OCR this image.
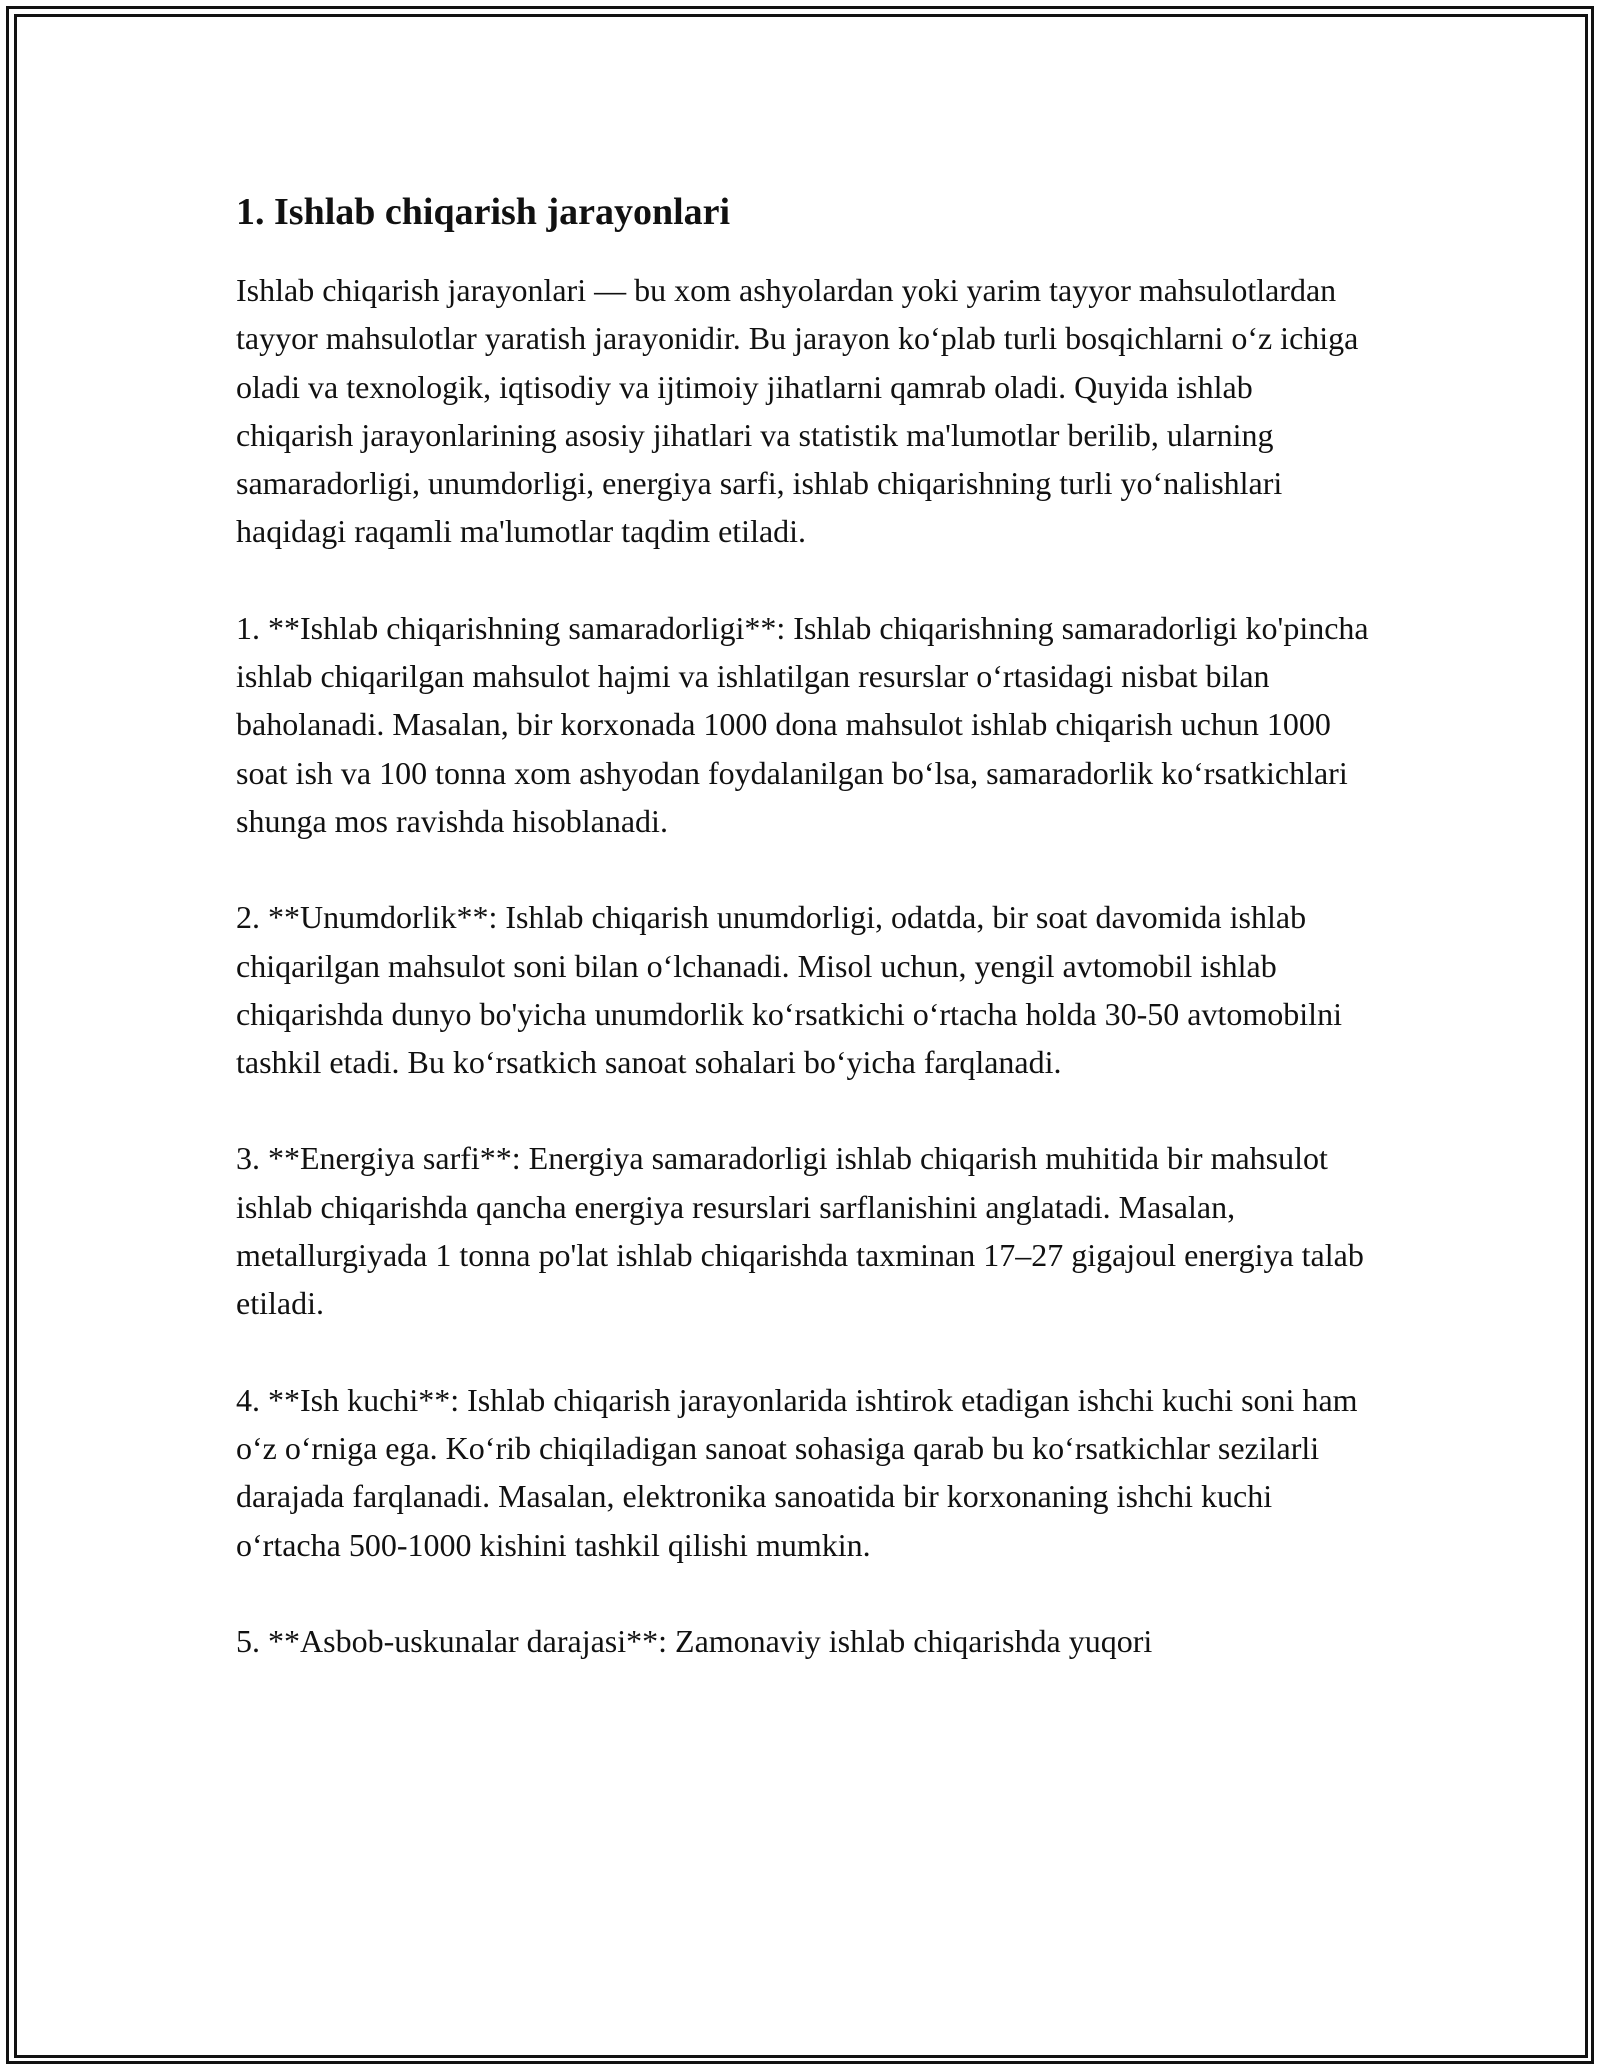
1. Ishlab chiqarish jarayonlari

Ishlab chiqarish jarayonlari — bu xom ashyolardan yoki yarim tayyor mahsulotlardan tayyor mahsulotlar yaratish jarayonidir. Bu jarayon ko‘plab turli bosqichlarni o‘z ichiga oladi va texnologik, iqtisodiy va ijtimoiy jihatlarni qamrab oladi. Quyida ishlab chiqarish jarayonlarining asosiy jihatlari va statistik ma'lumotlar berilib, ularning samaradorligi, unumdorligi, energiya sarfi, ishlab chiqarishning turli yo‘nalishlari haqidagi raqamli ma'lumotlar taqdim etiladi.

1. **Ishlab chiqarishning samaradorligi**: Ishlab chiqarishning samaradorligi ko'pincha ishlab chiqarilgan mahsulot hajmi va ishlatilgan resurslar o‘rtasidagi nisbat bilan baholanadi. Masalan, bir korxonada 1000 dona mahsulot ishlab chiqarish uchun 1000 soat ish va 100 tonna xom ashyodan foydalanilgan bo‘lsa, samaradorlik ko‘rsatkichlari shunga mos ravishda hisoblanadi.

2. **Unumdorlik**: Ishlab chiqarish unumdorligi, odatda, bir soat davomida ishlab chiqarilgan mahsulot soni bilan o‘lchanadi. Misol uchun, yengil avtomobil ishlab chiqarishda dunyo bo'yicha unumdorlik ko‘rsatkichi o‘rtacha holda 30-50 avtomobilni tashkil etadi. Bu ko‘rsatkich sanoat sohalari bo‘yicha farqlanadi.

3. **Energiya sarfi**: Energiya samaradorligi ishlab chiqarish muhitida bir mahsulot ishlab chiqarishda qancha energiya resurslari sarflanishini anglatadi. Masalan, metallurgiyada 1 tonna po'lat ishlab chiqarishda taxminan 17–27 gigajoul energiya talab etiladi.

4. **Ish kuchi**: Ishlab chiqarish jarayonlarida ishtirok etadigan ishchi kuchi soni ham o‘z o‘rniga ega. Ko‘rib chiqiladigan sanoat sohasiga qarab bu ko‘rsatkichlar sezilarli darajada farqlanadi. Masalan, elektronika sanoatida bir korxonaning ishchi kuchi o‘rtacha 500-1000 kishini tashkil qilishi mumkin.

5. **Asbob-uskunalar darajasi**: Zamonaviy ishlab chiqarishda yuqori
